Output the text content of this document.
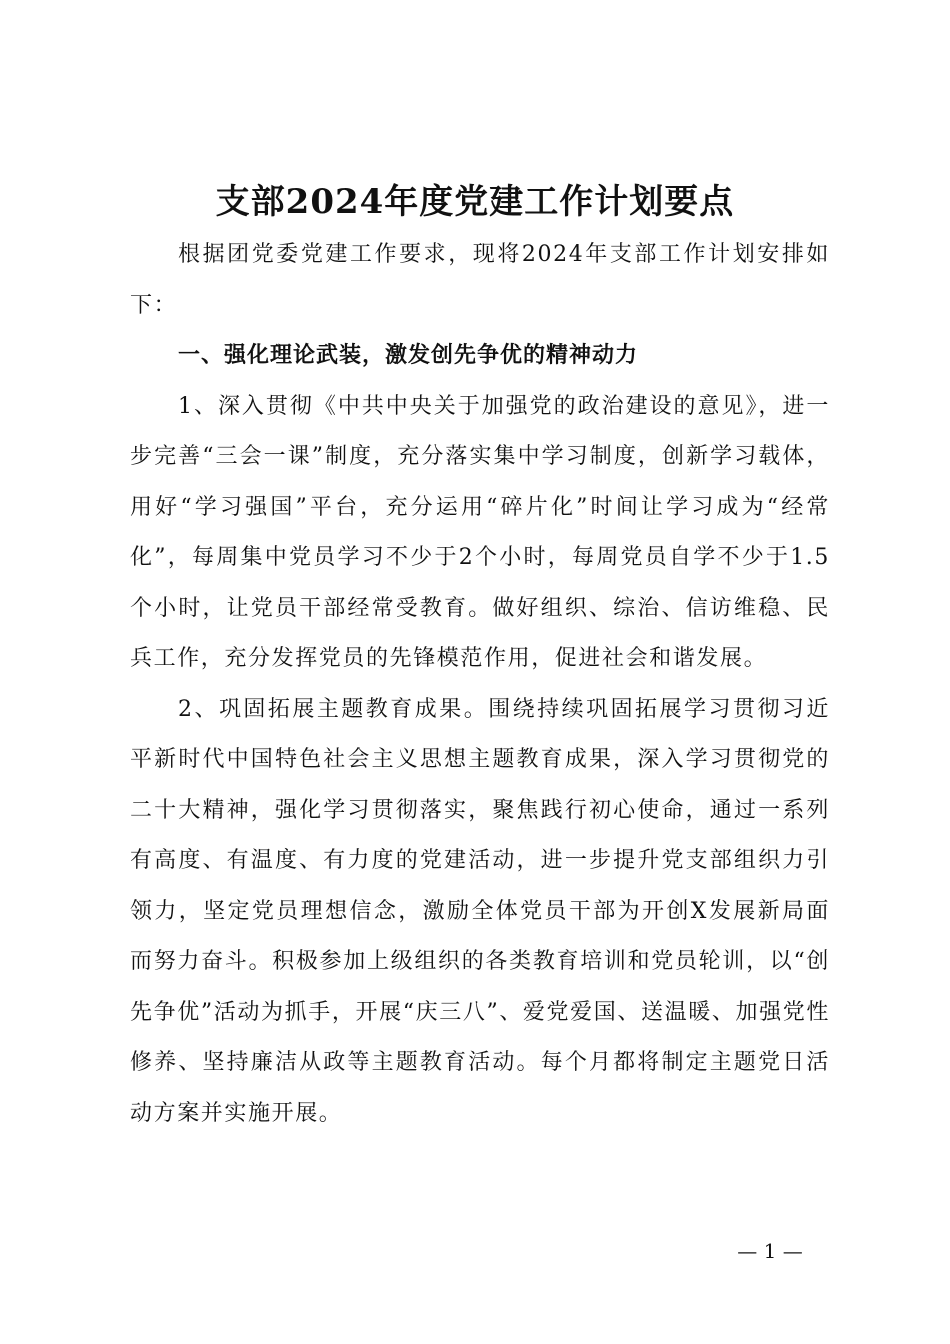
支部2024年度党建工作计划要点

根据团党委党建工作要求，现将2024年支部工作计划安排如下：

一、强化理论武装，激发创先争优的精神动力

1、深入贯彻《中共中央关于加强党的政治建设的意见》，进一步完善“三会一课”制度，充分落实集中学习制度，创新学习载体，用好“学习强国”平台，充分运用“碎片化”时间让学习成为“经常化”，每周集中党员学习不少于2个小时，每周党员自学不少于1.5个小时，让党员干部经常受教育。做好组织、综治、信访维稳、民兵工作，充分发挥党员的先锋模范作用，促进社会和谐发展。

2、巩固拓展主题教育成果。围绕持续巩固拓展学习贯彻习近平新时代中国特色社会主义思想主题教育成果，深入学习贯彻党的二十大精神，强化学习贯彻落实，聚焦践行初心使命，通过一系列有高度、有温度、有力度的党建活动，进一步提升党支部组织力引领力，坚定党员理想信念，激励全体党员干部为开创X发展新局面而努力奋斗。积极参加上级组织的各类教育培训和党员轮训，以“创先争优”活动为抓手，开展“庆三八”、爱党爱国、送温暖、加强党性修养、坚持廉洁从政等主题教育活动。每个月都将制定主题党日活动方案并实施开展。

— 1 —
